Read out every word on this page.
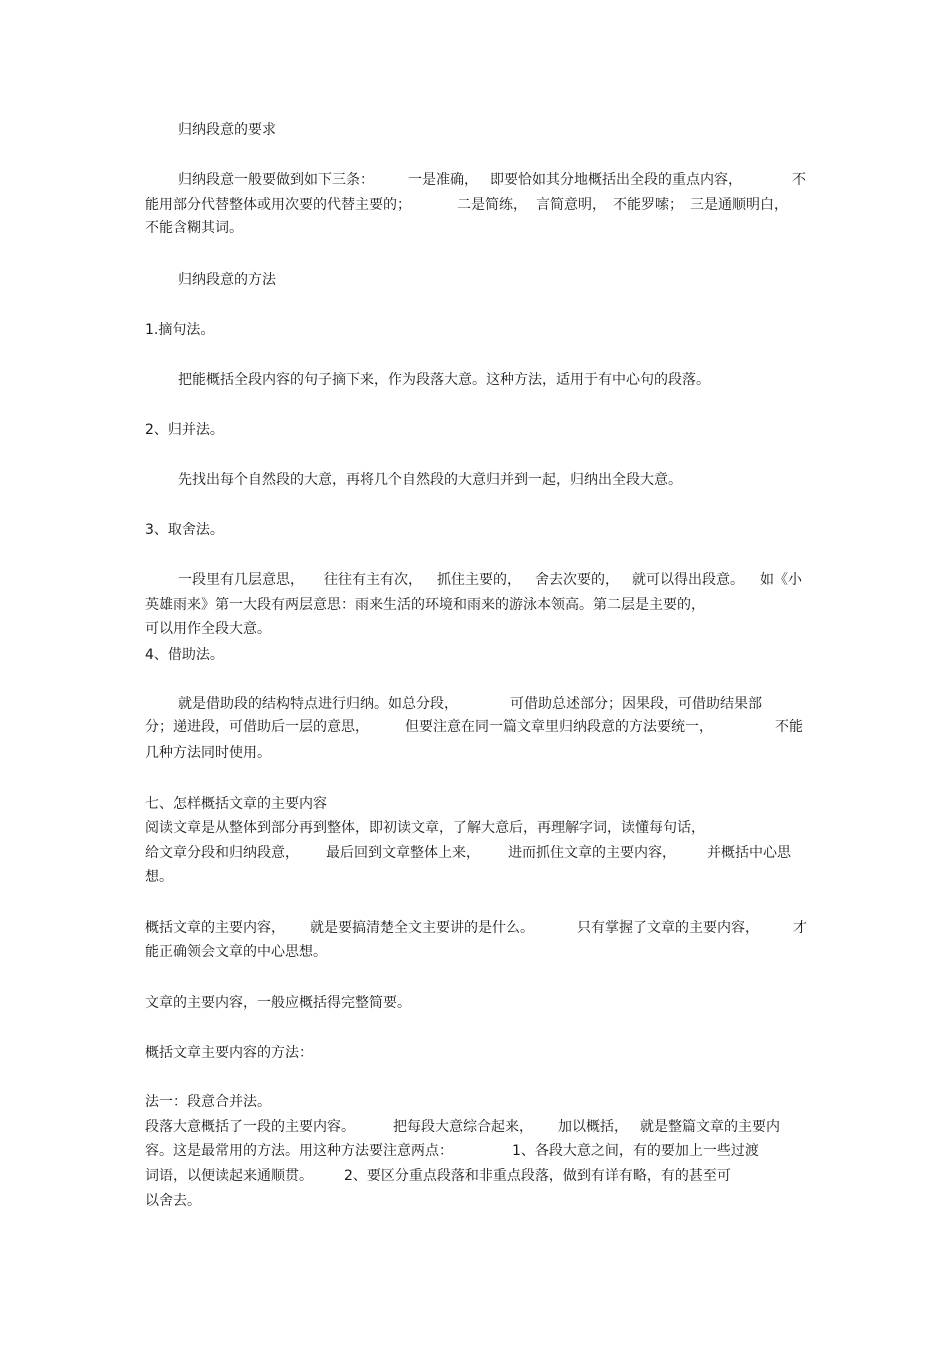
归纳段意的要求

归纳段意一般要做到如下三条： 一是准确， 即要恰如其分地概括出全段的重点内容，	不

能用部分代替整体或用次要的代替主要的；	二是简练， 言简意明， 不能罗嗦； 三是通顺明白，

不能含糊其词。

归纳段意的方法

1.摘句法。

把能概括全段内容的句子摘下来，作为段落大意。这种方法，适用于有中心句的段落。

2、归并法。

先找出每个自然段的大意，再将几个自然段的大意归并到一起，归纳出全段大意。

3、取舍法。

一段里有几层意思， 往往有主有次， 抓住主要的， 舍去次要的， 就可以得出段意。 如《小

英雄雨来》第一大段有两层意思：雨来生活的环境和雨来的游泳本领高。第二层是主要的，

可以用作全段大意。

4、借助法。

就是借助段的结构特点进行归纳。如总分段，	可借助总述部分；因果段，可借助结果部

分；递进段，可借助后一层的意思，	但要注意在同一篇文章里归纳段意的方法要统一，	不能

几种方法同时使用。

七、怎样概括文章的主要内容

阅读文章是从整体到部分再到整体，即初读文章，了解大意后，再理解字词，读懂每句话，

给文章分段和归纳段意， 最后回到文章整体上来， 进而抓住文章的主要内容， 并概括中心思

想。

概括文章的主要内容， 就是要搞清楚全文主要讲的是什么。	只有掌握了文章的主要内容， 才

能正确领会文章的中心思想。

文章的主要内容，一般应概括得完整简要。

概括文章主要内容的方法：

法一：段意合并法。

段落大意概括了一段的主要内容。	把每段大意综合起来， 加以概括， 就是整篇文章的主要内

容。这是最常用的方法。用这种方法要注意两点：	1、各段大意之间，有的要加上一些过渡

词语，以便读起来通顺贯。 2、要区分重点段落和非重点段落，做到有详有略，有的甚至可

以舍去。
